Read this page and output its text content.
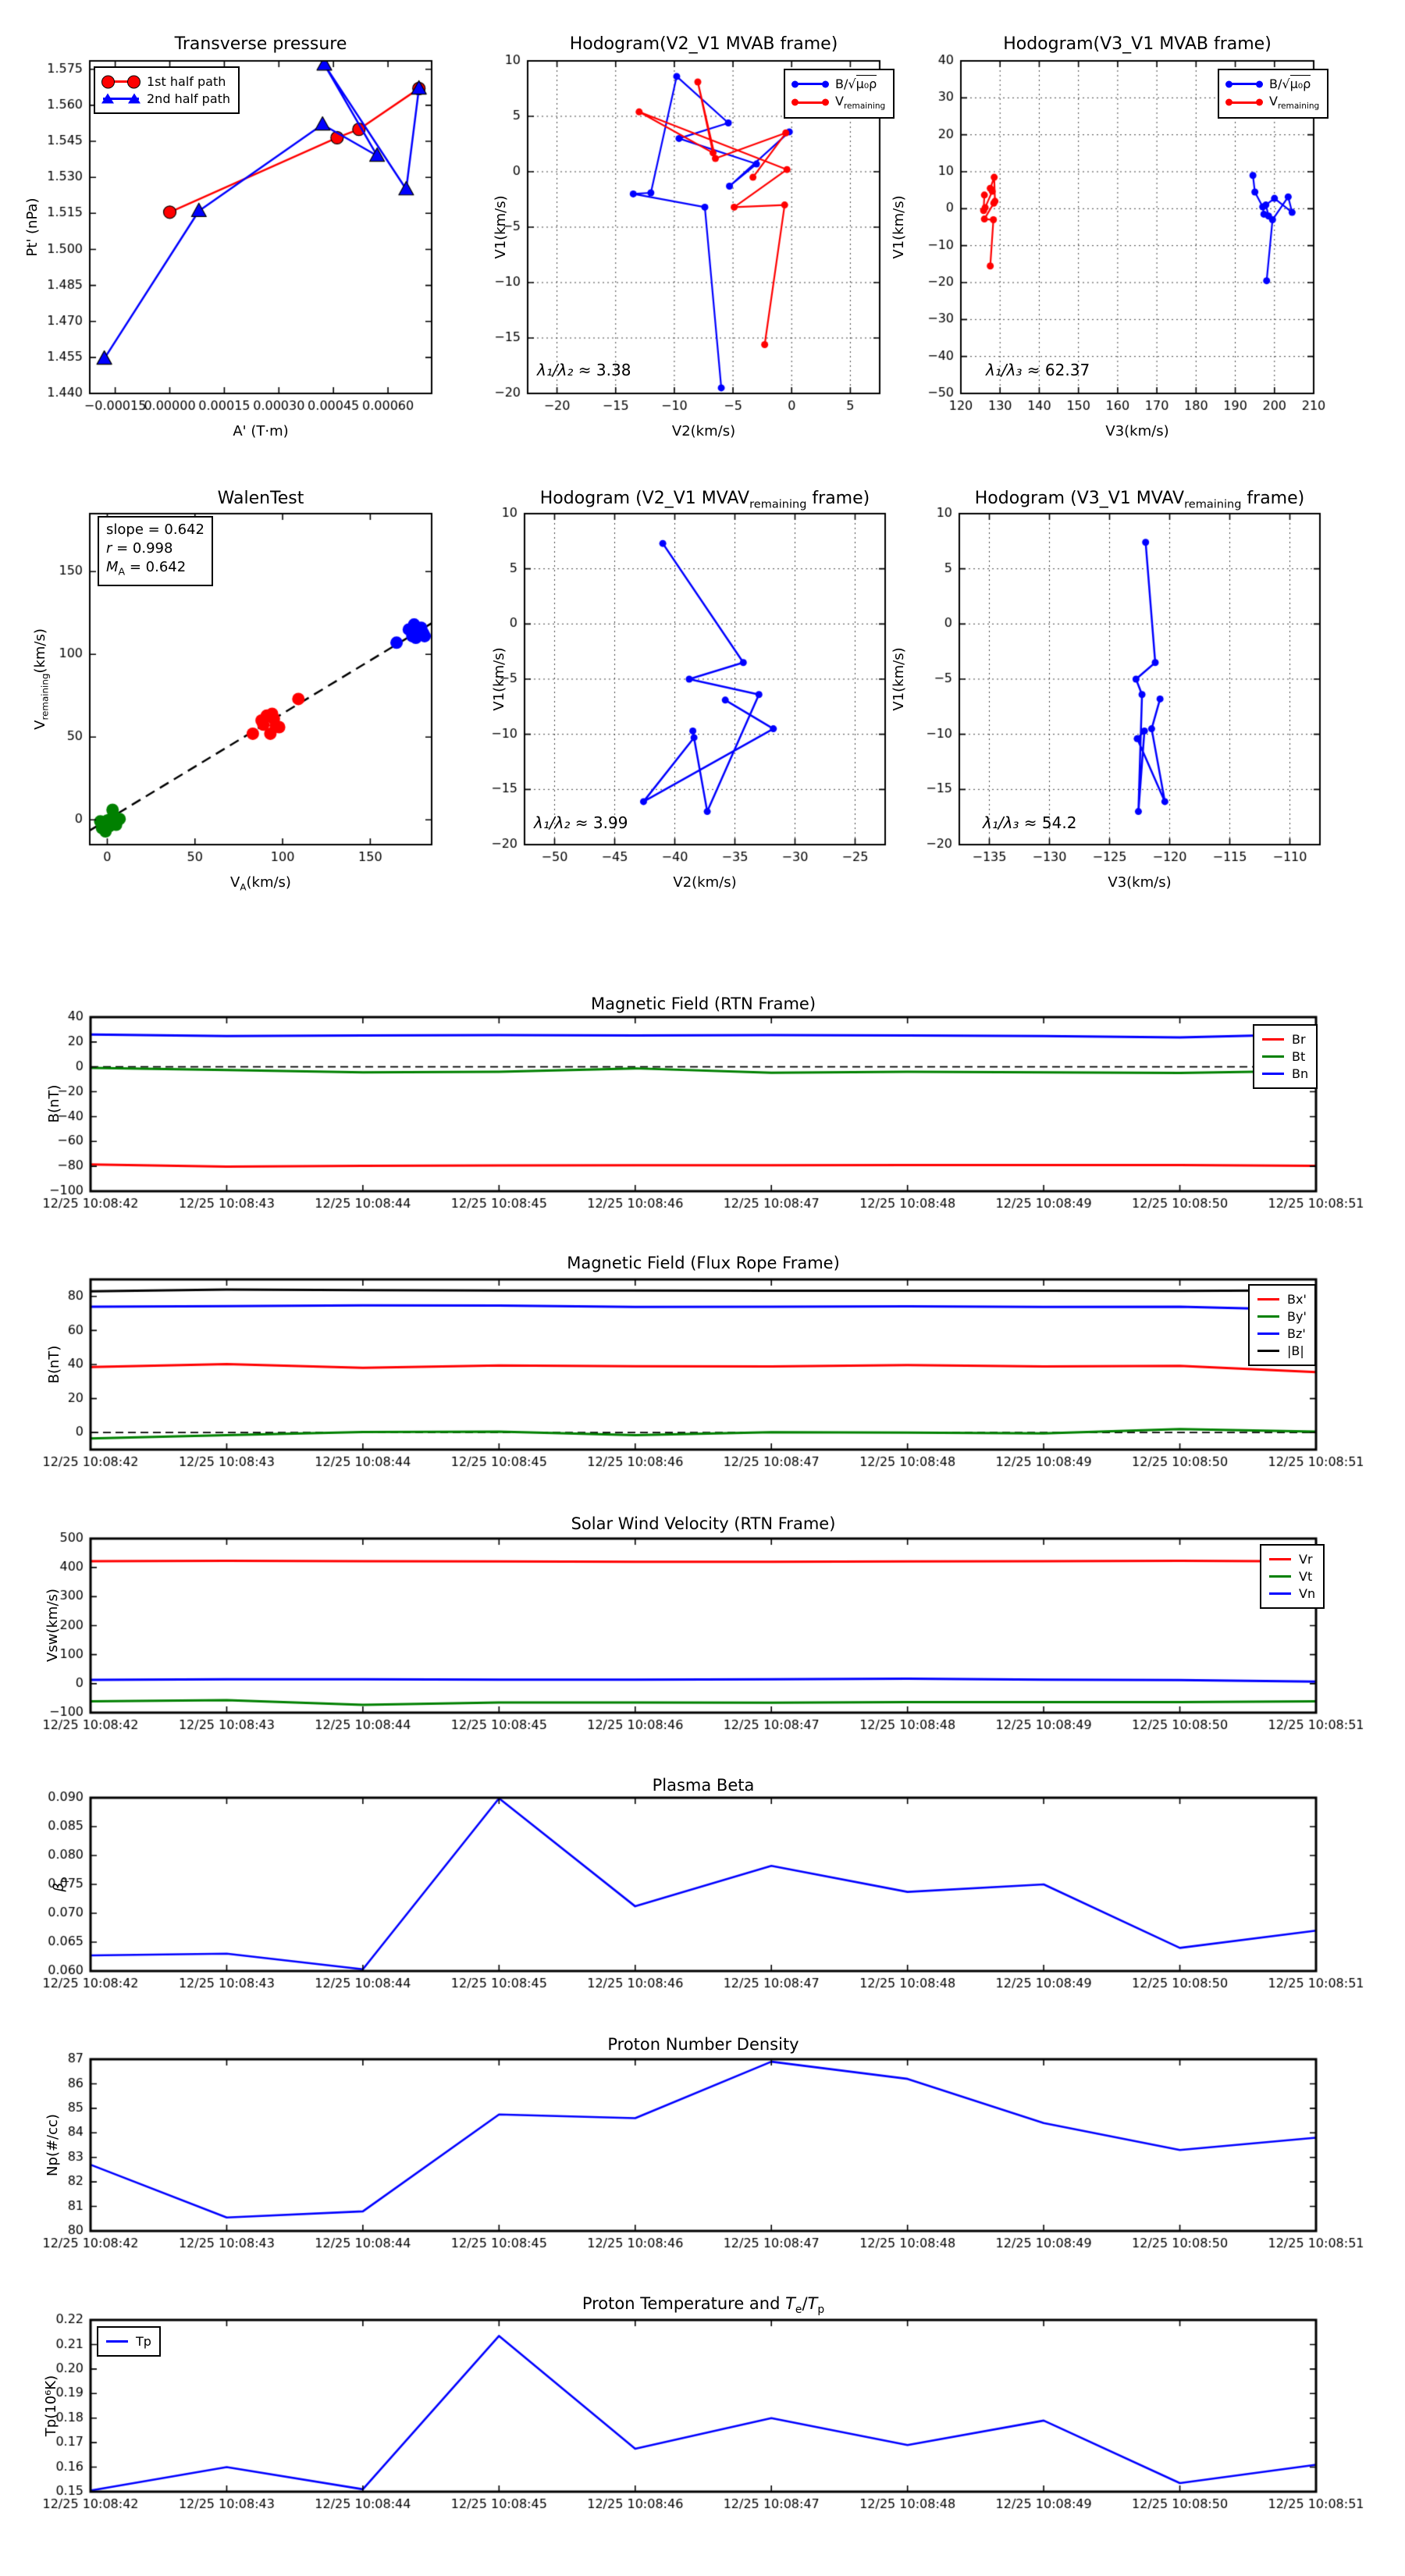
Transverse pressure	Hodogram(V2_V1 MVAB frame)	Hodogram(V3_V1 MVAB frame)
WalenTest	Hodogram (V2_V1 $MVAV_{remaining}$ frame)	Hodogram (V3_V1 $MVAV_{remaining}$ frame)
Magnetic Field (RTN Frame)
Magnetic Field (Flux Rope Frame)
Solar Wind Velocity (RTN Frame)
Plasma Beta
Proton Number Density
Proton Temperature and $T_e/T_p$
Pt' (nPa)	V1(km/s)	V1(km/s)
$V_{remaining}(km/s)$	V1(km/s)	V1(km/s)
B(nT)
B(nT)
Vsw(km/s)
$\beta_p$
Np(#/cc)
Tp(10⁶K)
A' (T·m)	V2(km/s)	V3(km/s)
$V_A(km/s)$	V2(km/s)	V3(km/s)
λ₁/λ₂ ≈ 3.38	λ₁/λ₃ ≈ 62.37
λ₁/λ₂ ≈ 3.99	λ₁/λ₃ ≈ 54.2
slope = 0.642
r = 0.998
$M_A = 0.642$
1st half path
2nd half path
B/√μ₀ρ
$V_{remaining}$
B/√μ₀ρ
$V_{remaining}$
Br
Bt
Bn
Bx'
By'
Bz'
|B|
Vr
Vt
Vn
Tp
